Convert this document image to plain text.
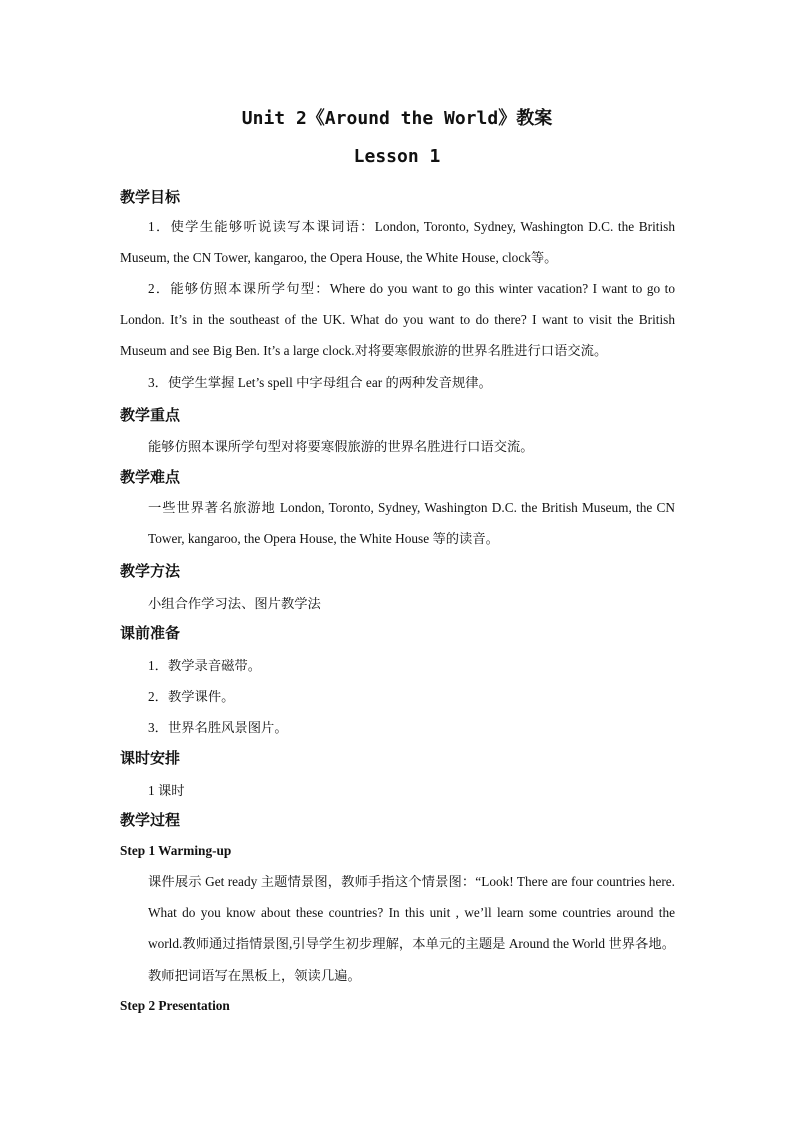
Unit 2《Around the World》教案
Lesson 1
教学目标
1．使学生能够听说读写本课词语：London, Toronto, Sydney, Washington D.C. the British Museum, the CN Tower, kangaroo, the Opera House, the White House, clock等。
2．能够仿照本课所学句型：Where do you want to go this winter vacation? I want to go to London. It’s in the southeast of the UK. What do you want to do there? I want to visit the British Museum and see Big Ben. It’s a large clock.对将要寒假旅游的世界名胜进行口语交流。
3．使学生掌握 Let’s spell 中字母组合 ear 的两种发音规律。
教学重点
能够仿照本课所学句型对将要寒假旅游的世界名胜进行口语交流。
教学难点
一些世界著名旅游地 London, Toronto, Sydney, Washington D.C. the British Museum, the CN Tower, kangaroo, the Opera House, the White House 等的读音。
教学方法
小组合作学习法、图片教学法
课前准备
1．教学录音磁带。
2．教学课件。
3．世界名胜风景图片。
课时安排
1 课时
教学过程
Step 1 Warming-up
课件展示 Get ready 主题情景图，教师手指这个情景图：“Look! There are four countries here. What do you know about these countries? In this unit , we’ll learn some countries around the world.教师通过指情景图,引导学生初步理解，本单元的主题是 Around the World 世界各地。教师把词语写在黑板上，领读几遍。
Step 2 Presentation
